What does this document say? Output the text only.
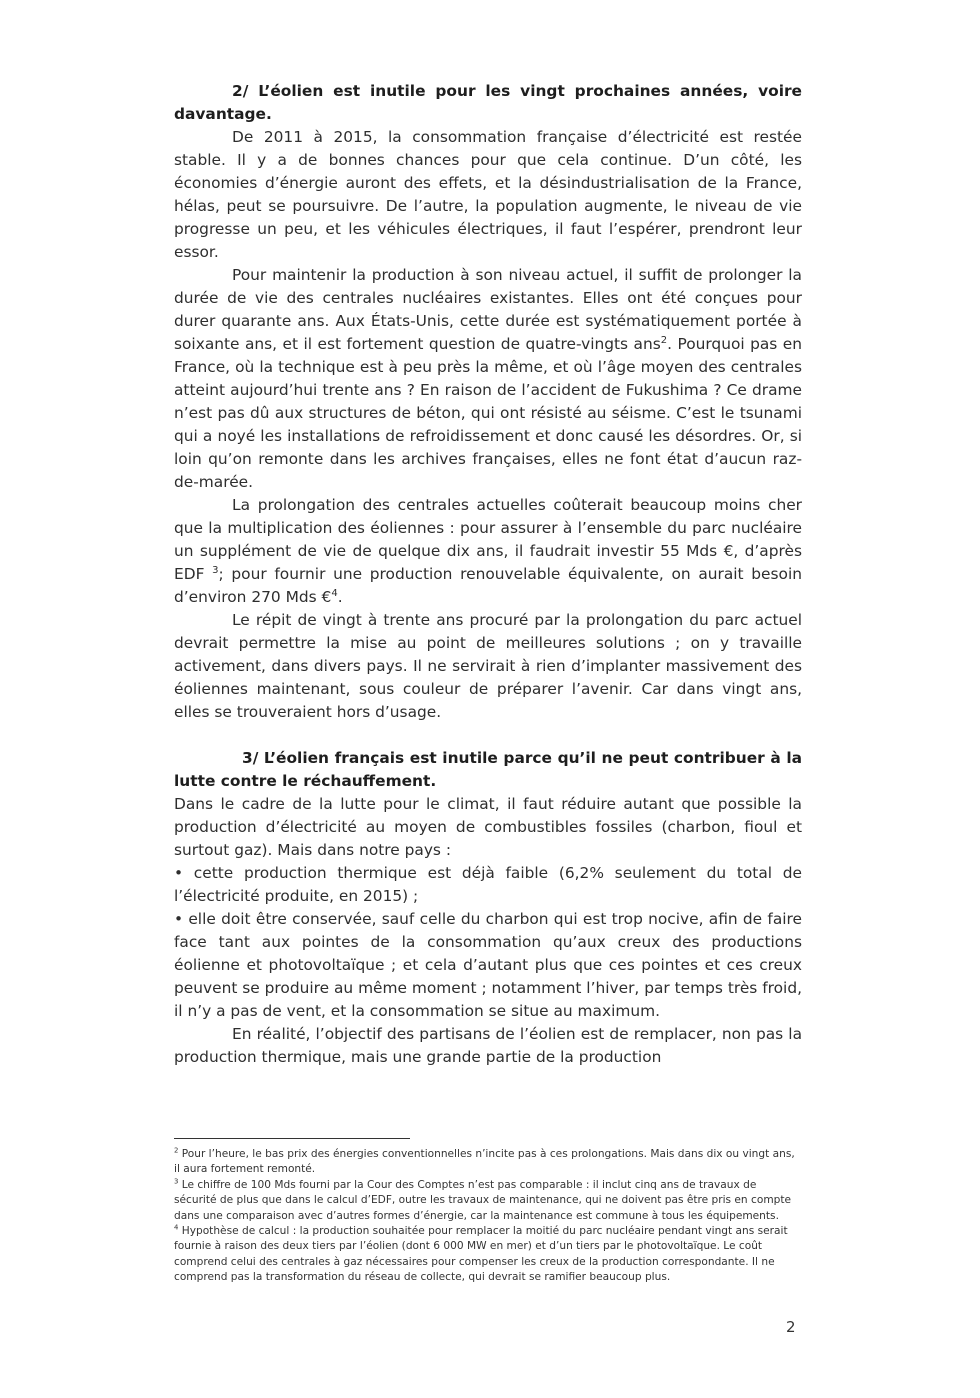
2/ L’éolien est inutile pour les vingt prochaines années, voire davantage.

De 2011 à 2015, la consommation française d’électricité est restée stable. Il y a de bonnes chances pour que cela continue. D’un côté, les économies d’énergie auront des effets, et la désindustrialisation de la France, hélas, peut se poursuivre. De l’autre, la population augmente, le niveau de vie progresse un peu, et les véhicules électriques, il faut l’espérer, prendront leur essor.

Pour maintenir la production à son niveau actuel, il suffit de prolonger la durée de vie des centrales nucléaires existantes. Elles ont été conçues pour durer quarante ans. Aux États-Unis, cette durée est systématiquement portée à soixante ans, et il est fortement question de quatre-vingts ans$^2$. Pourquoi pas en France, où la technique est à peu près la même, et où l’âge moyen des centrales atteint aujourd’hui trente ans ? En raison de l’accident de Fukushima ? Ce drame n’est pas dû aux structures de béton, qui ont résisté au séisme. C’est le tsunami qui a noyé les installations de refroidissement et donc causé les désordres. Or, si loin qu’on remonte dans les archives françaises, elles ne font état d’aucun raz-de-marée.

La prolongation des centrales actuelles coûterait beaucoup moins cher que la multiplication des éoliennes : pour assurer à l’ensemble du parc nucléaire un supplément de vie de quelque dix ans, il faudrait investir 55 Mds €, d’après EDF $^3$; pour fournir une production renouvelable équivalente, on aurait besoin d’environ 270 Mds €$^4$.

Le répit de vingt à trente ans procuré par la prolongation du parc actuel devrait permettre la mise au point de meilleures solutions ; on y travaille activement, dans divers pays. Il ne servirait à rien d’implanter massivement des éoliennes maintenant, sous couleur de préparer l’avenir. Car dans vingt ans, elles se trouveraient hors d’usage.

3/ L’éolien français est inutile parce qu’il ne peut contribuer à la lutte contre le réchauffement.

Dans le cadre de la lutte pour le climat, il faut réduire autant que possible la production d’électricité au moyen de combustibles fossiles (charbon, fioul et surtout gaz). Mais dans notre pays :

• cette production thermique est déjà faible (6,2% seulement du total de l’électricité produite, en 2015) ;

• elle doit être conservée, sauf celle du charbon qui est trop nocive, afin de faire face tant aux pointes de la consommation qu’aux creux des productions éolienne et photovoltaïque ; et cela d’autant plus que ces pointes et ces creux peuvent se produire au même moment ; notamment l’hiver, par temps très froid, il n’y a pas de vent, et la consommation se situe au maximum.

En réalité, l’objectif des partisans de l’éolien est de remplacer, non pas la production thermique, mais une grande partie de la production

$^2$ Pour l’heure, le bas prix des énergies conventionnelles n’incite pas à ces prolongations. Mais dans dix ou vingt ans, il aura fortement remonté.

$^3$ Le chiffre de 100 Mds fourni par la Cour des Comptes n’est pas comparable : il inclut cinq ans de travaux de sécurité de plus que dans le calcul d’EDF, outre les travaux de maintenance, qui ne doivent pas être pris en compte dans une comparaison avec d’autres formes d’énergie, car la maintenance est commune à tous les équipements.

$^4$ Hypothèse de calcul : la production souhaitée pour remplacer la moitié du parc nucléaire pendant vingt ans serait fournie à raison des deux tiers par l’éolien (dont 6 000 MW en mer) et d’un tiers par le photovoltaïque. Le coût comprend celui des centrales à gaz nécessaires pour compenser les creux de la production correspondante. Il ne comprend pas la transformation du réseau de collecte, qui devrait se ramifier beaucoup plus.

2
